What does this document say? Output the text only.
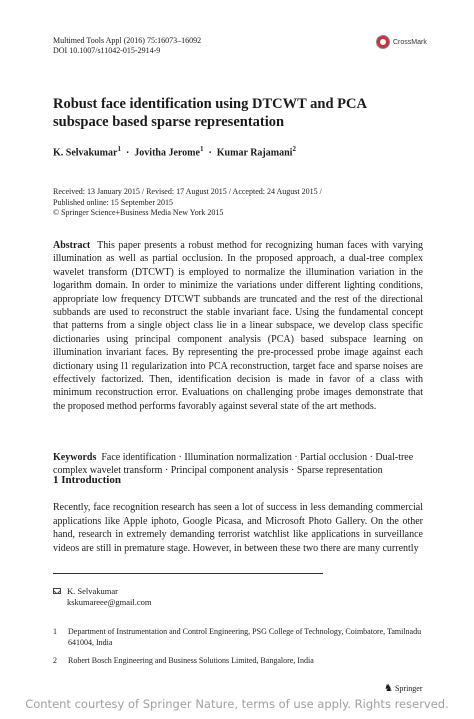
Multimed Tools Appl (2016) 75:16073–16092
DOI 10.1007/s11042-015-2914-9
CrossMark
Robust face identification using DTCWT and PCA subspace based sparse representation
K. Selvakumar$^1$  ·  Jovitha Jerome$^1$  ·  Kumar Rajamani$^2$
Received: 13 January 2015 / Revised: 17 August 2015 / Accepted: 24 August 2015 /
Published online: 15 September 2015
© Springer Science+Business Media New York 2015
Abstract This paper presents a robust method for recognizing human faces with varying illumination as well as partial occlusion. In the proposed approach, a dual-tree complex wavelet transform (DTCWT) is employed to normalize the illumination variation in the logarithm domain. In order to minimize the variations under different lighting conditions, appropriate low frequency DTCWT subbands are truncated and the rest of the directional subbands are used to reconstruct the stable invariant face. Using the fundamental concept that patterns from a single object class lie in a linear subspace, we develop class specific dictionaries using principal component analysis (PCA) based subspace learning on illumination invariant faces. By representing the pre-processed probe image against each dictionary using l1 regularization into PCA reconstruction, target face and sparse noises are effectively factorized. Then, identification decision is made in favor of a class with minimum reconstruction error. Evaluations on challenging probe images demonstrate that the proposed method performs favorably against several state of the art methods.
Keywords Face identification · Illumination normalization · Partial occlusion · Dual-tree complex wavelet transform · Principal component analysis · Sparse representation
1 Introduction
Recently, face recognition research has seen a lot of success in less demanding commercial applications like Apple iphoto, Google Picasa, and Microsoft Photo Gallery. On the other hand, research in extremely demanding terrorist watchlist like applications in surveillance videos are still in premature stage. However, in between these two there are many currently
K. Selvakumar
kskumareee@gmail.com
1	Department of Instrumentation and Control Engineering, PSG College of Technology, Coimbatore, Tamilnadu 641004, India
2	Robert Bosch Engineering and Business Solutions Limited, Bangalore, India
♞ Springer
Content courtesy of Springer Nature, terms of use apply. Rights reserved.
